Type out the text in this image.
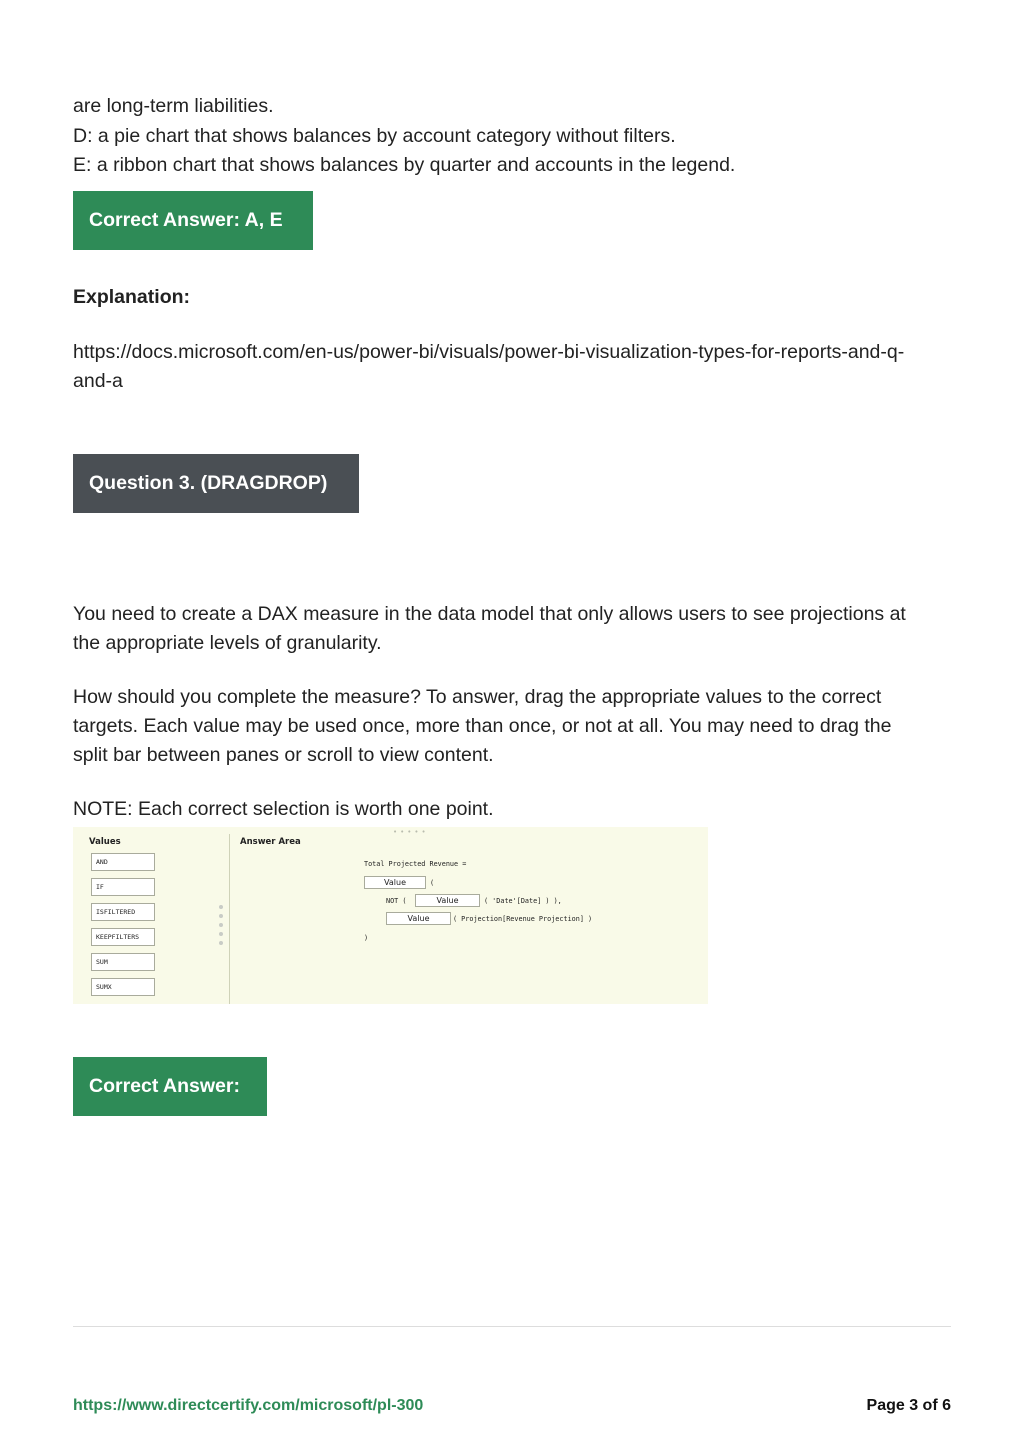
are long-term liabilities.

D: a pie chart that shows balances by account category without filters.

E: a ribbon chart that shows balances by quarter and accounts in the legend.

Correct Answer: A, E

Explanation:

https://docs.microsoft.com/en-us/power-bi/visuals/power-bi-visualization-types-for-reports-and-q-

and-a

Question 3. (DRAGDROP)

You need to create a DAX measure in the data model that only allows users to see projections at

the appropriate levels of granularity.

How should you complete the measure? To answer, drag the appropriate values to the correct

targets. Each value may be used once, more than once, or not at all. You may need to drag the

split bar between panes or scroll to view content.

NOTE: Each correct selection is worth one point.

•••••
Values	Answer Area
AND
IF
ISFILTERED
KEEPFILTERS
SUM
SUMX
Total Projected Revenue =
Value	(
NOT (	Value	( 'Date'[Date] ) ),
Value	( Projection[Revenue Projection] )
)
Correct Answer:
https://www.directcertify.com/microsoft/pl-300	Page 3 of 6
